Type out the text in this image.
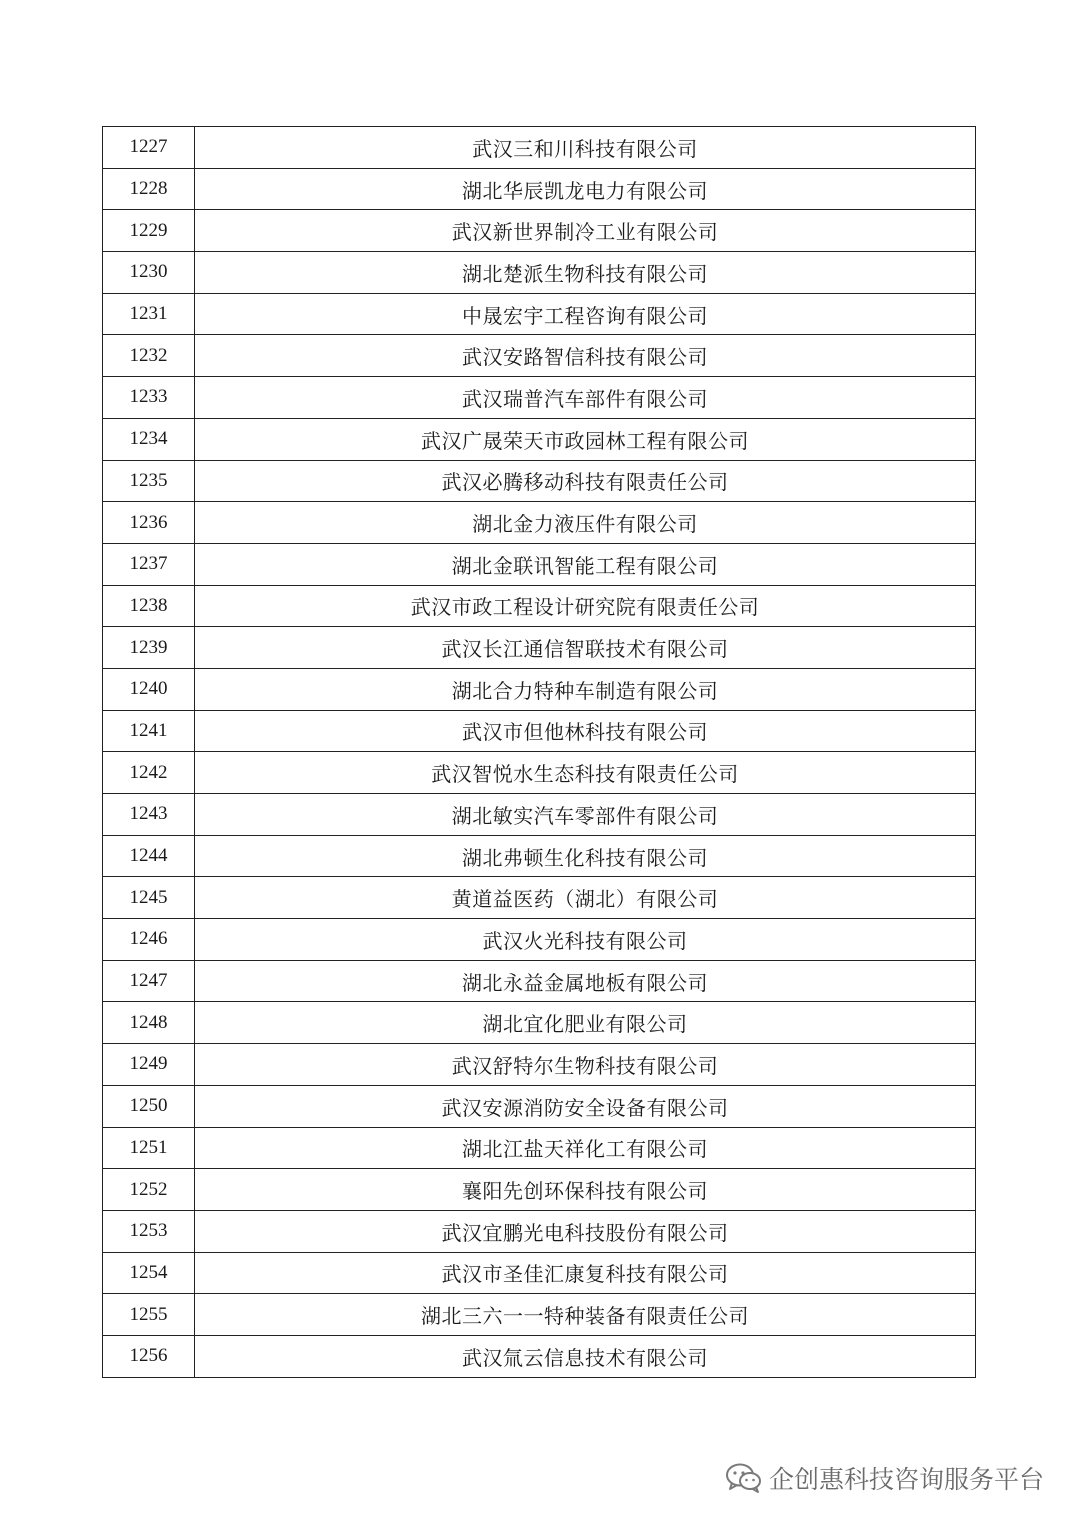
1227	武汉三和川科技有限公司
1228	湖北华辰凯龙电力有限公司
1229	武汉新世界制冷工业有限公司
1230	湖北楚派生物科技有限公司
1231	中晟宏宇工程咨询有限公司
1232	武汉安路智信科技有限公司
1233	武汉瑞普汽车部件有限公司
1234	武汉广晟荣天市政园林工程有限公司
1235	武汉必腾移动科技有限责任公司
1236	湖北金力液压件有限公司
1237	湖北金联讯智能工程有限公司
1238	武汉市政工程设计研究院有限责任公司
1239	武汉长江通信智联技术有限公司
1240	湖北合力特种车制造有限公司
1241	武汉市但他林科技有限公司
1242	武汉智悦水生态科技有限责任公司
1243	湖北敏实汽车零部件有限公司
1244	湖北弗顿生化科技有限公司
1245	黄道益医药（湖北）有限公司
1246	武汉火光科技有限公司
1247	湖北永益金属地板有限公司
1248	湖北宜化肥业有限公司
1249	武汉舒特尔生物科技有限公司
1250	武汉安源消防安全设备有限公司
1251	湖北江盐天祥化工有限公司
1252	襄阳先创环保科技有限公司
1253	武汉宜鹏光电科技股份有限公司
1254	武汉市圣佳汇康复科技有限公司
1255	湖北三六一一特种装备有限责任公司
1256	武汉氚云信息技术有限公司
企创惠科技咨询服务平台
